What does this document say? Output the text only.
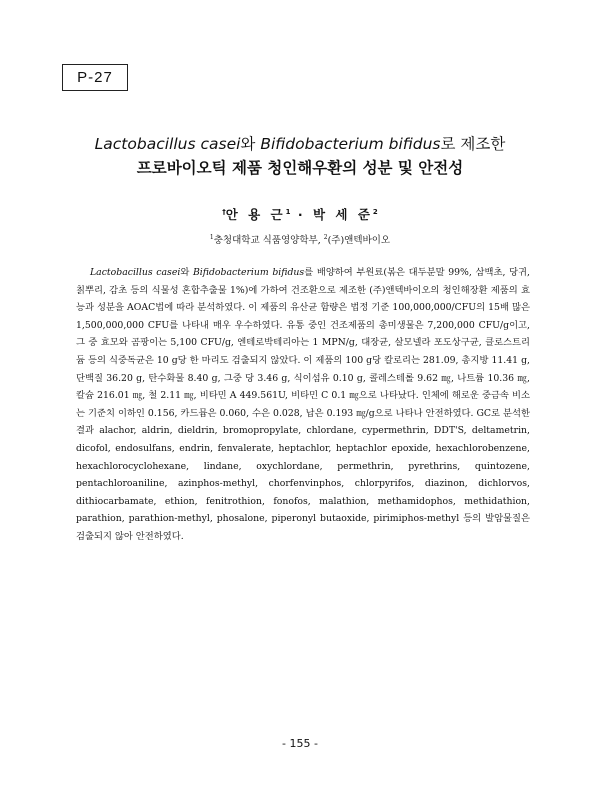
P-27
Lactobacillus casei와 Bifidobacterium bifidus로 제조한
프로바이오틱 제품 청인해우환의 성분 및 안전성
†안 용 근$^1$ · 박 세 준$^2$
$^1$충청대학교 식품영양학부, $^2$(주)앤텍바이오

Lactobacillus casei와 Bifidobacterium bifidus를 배양하여 부원료(볶은 대두분말 99%, 삼백초, 당귀, 칡뿌리, 감초 등의 식물성 혼합추출물 1%)에 가하여 건조환으로 제조한 (주)앤텍바이오의 청인해장환 제품의 효능과 성분을 AOAC법에 따라 분석하였다. 이 제품의 유산균 함량은 법정 기준 100,000,000/CFU의 15배 많은 1,500,000,000 CFU를 나타내 매우 우수하였다. 유통 중인 건조제품의 총미생물은 7,200,000 CFU/g이고, 그 중 효모와 곰팡이는 5,100 CFU/g, 엔테로박테리아는 1 MPN/g, 대장균, 살모넬라 포도상구균, 클로스트리듐 등의 식중독균은 10 g당 한 마리도 검출되지 않았다. 이 제품의 100 g당 칼로리는 281.09, 총지방 11.41 g, 단백질 36.20 g, 탄수화물 8.40 g, 그중 당 3.46 g, 식이섬유 0.10 g, 콜레스테롤 9.62 ㎎, 나트륨 10.36 ㎎, 칼슘 216.01 ㎎, 철 2.11 ㎎, 비타민 A 449.561U, 비타민 C 0.1 ㎎으로 나타났다. 인체에 해로운 중금속 비소는 기준치 이하인 0.156, 카드뮴은 0.060, 수은 0.028, 납은 0.193 ㎎/g으로 나타나 안전하였다. GC로 분석한 결과 alachor, aldrin, dieldrin, bromopropylate, chlordane, cypermethrin, DDT'S, deltametrin, dicofol, endosulfans, endrin, fenvalerate, heptachlor, heptachlor epoxide, hexachlorobenzene, hexachlorocyclohexane, lindane, oxychlordane, permethrin, pyrethrins, quintozene, pentachloroaniline, azinphos-methyl, chorfenvinphos, chlorpyrifos, diazinon, dichlorvos, dithiocarbamate, ethion, fenitrothion, fonofos, malathion, methamidophos, methidathion, parathion, parathion-methyl, phosalone, piperonyl butaoxide, pirimiphos-methyl 등의 발암물질은 검출되지 않아 안전하였다.

- 155 -
